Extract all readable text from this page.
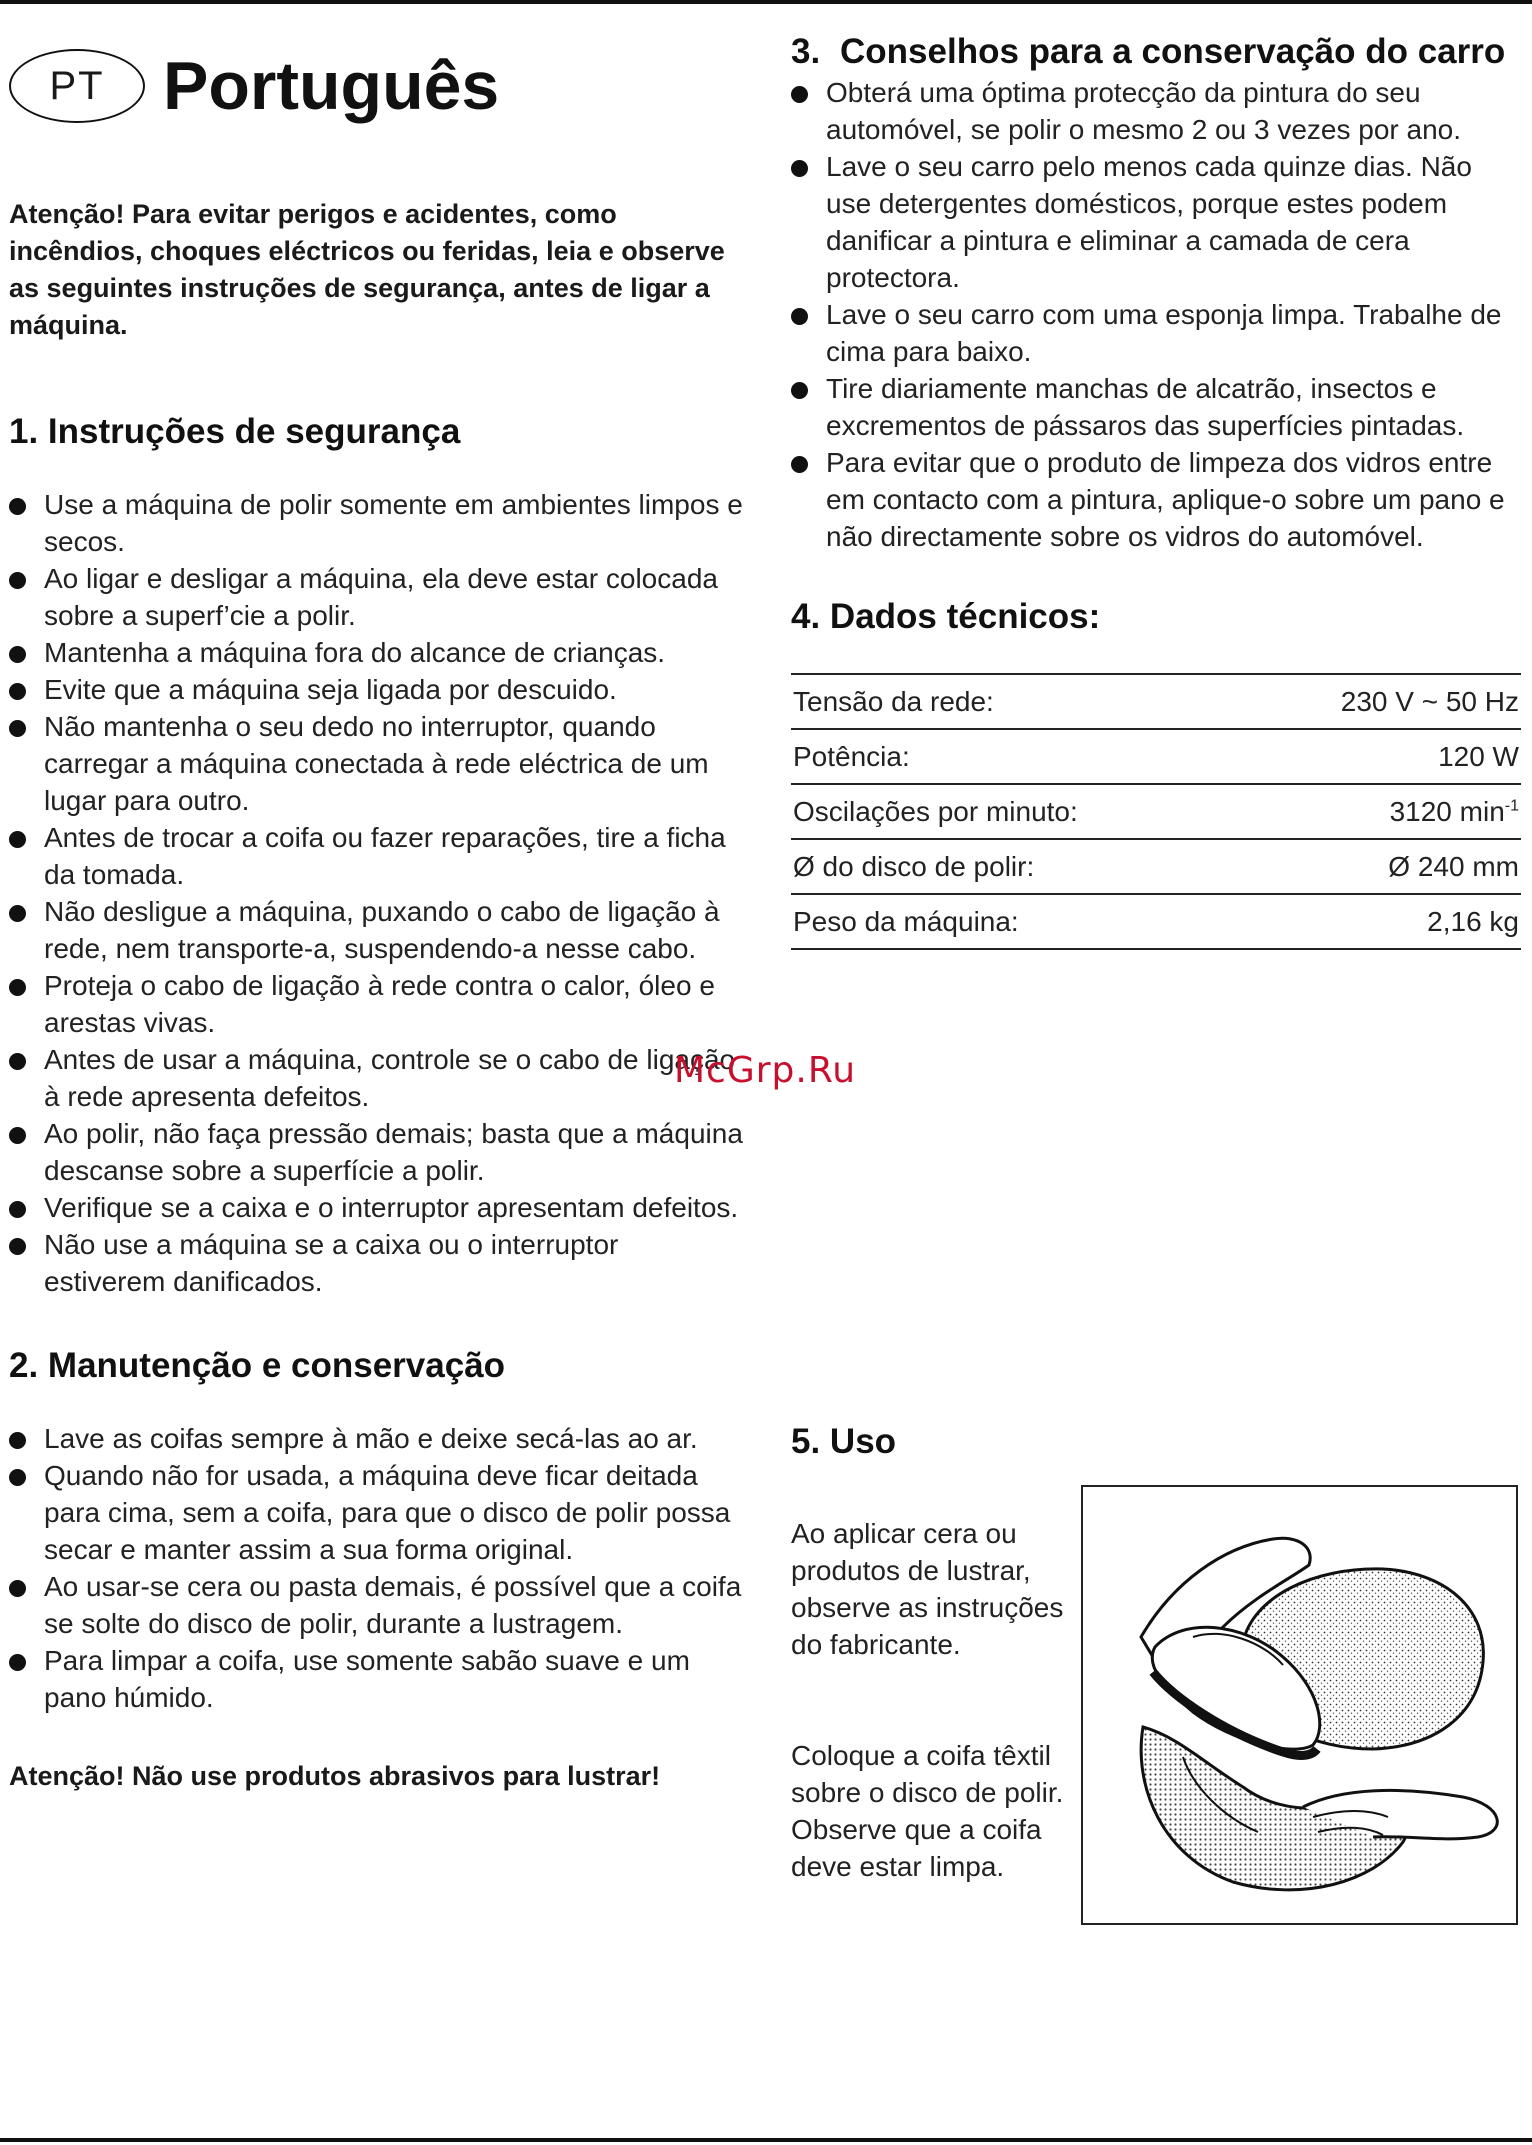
PT Português

Atenção! Para evitar perigos e acidentes, como incêndios, choques eléctricos ou feridas, leia e observe as seguintes instruções de segurança, antes de ligar a máquina.

1. Instruções de segurança
Use a máquina de polir somente em ambientes limpos e secos.
Ao ligar e desligar a máquina, ela deve estar colocada sobre a superf’cie a polir.
Mantenha a máquina fora do alcance de crianças.
Evite que a máquina seja ligada por descuido.
Não mantenha o seu dedo no interruptor, quando carregar a máquina conectada à rede eléctrica de um lugar para outro.
Antes de trocar a coifa ou fazer reparações, tire a ficha da tomada.
Não desligue a máquina, puxando o cabo de ligação à rede, nem transporte-a, suspendendo-a nesse cabo.
Proteja o cabo de ligação à rede contra o calor, óleo e arestas vivas.
Antes de usar a máquina, controle se o cabo de ligação à rede apresenta defeitos.
Ao polir, não faça pressão demais; basta que a máquina descanse sobre a superfície a polir.
Verifique se a caixa e o interruptor apresentam defeitos.
Não use a máquina se a caixa ou o interruptor estiverem danificados.
2. Manutenção e conservação
Lave as coifas sempre à mão e deixe secá-las ao ar.
Quando não for usada, a máquina deve ficar deitada para cima, sem a coifa, para que o disco de polir possa secar e manter assim a sua forma original.
Ao usar-se cera ou pasta demais, é possível que a coifa se solte do disco de polir, durante a lustragem.
Para limpar a coifa, use somente sabão suave e um pano húmido.

Atenção! Não use produtos abrasivos para lustrar!

3. Conselhos para a conservação do carro
Obterá uma óptima protecção da pintura do seu automóvel, se polir o mesmo 2 ou 3 vezes por ano.
Lave o seu carro pelo menos cada quinze dias. Não use detergentes domésticos, porque estes podem danificar a pintura e eliminar a camada de cera protectora.
Lave o seu carro com uma esponja limpa. Trabalhe de cima para baixo.
Tire diariamente manchas de alcatrão, insectos e excrementos de pássaros das superfícies pintadas.
Para evitar que o produto de limpeza dos vidros entre em contacto com a pintura, aplique-o sobre um pano e não directamente sobre os vidros do automóvel.
4. Dados técnicos:
Tensão da rede:	230 V ~ 50 Hz
Potência:	120 W
Oscilações por minuto:	3120 $\min^{-1}$
Ø do disco de polir:	Ø 240 mm
Peso da máquina:	2,16 kg
5. Uso

Ao aplicar cera ou produtos de lustrar, observe as instruções do fabricante.

Coloque a coifa têxtil sobre o disco de polir. Observe que a coifa deve estar limpa.

McGrp.Ru
